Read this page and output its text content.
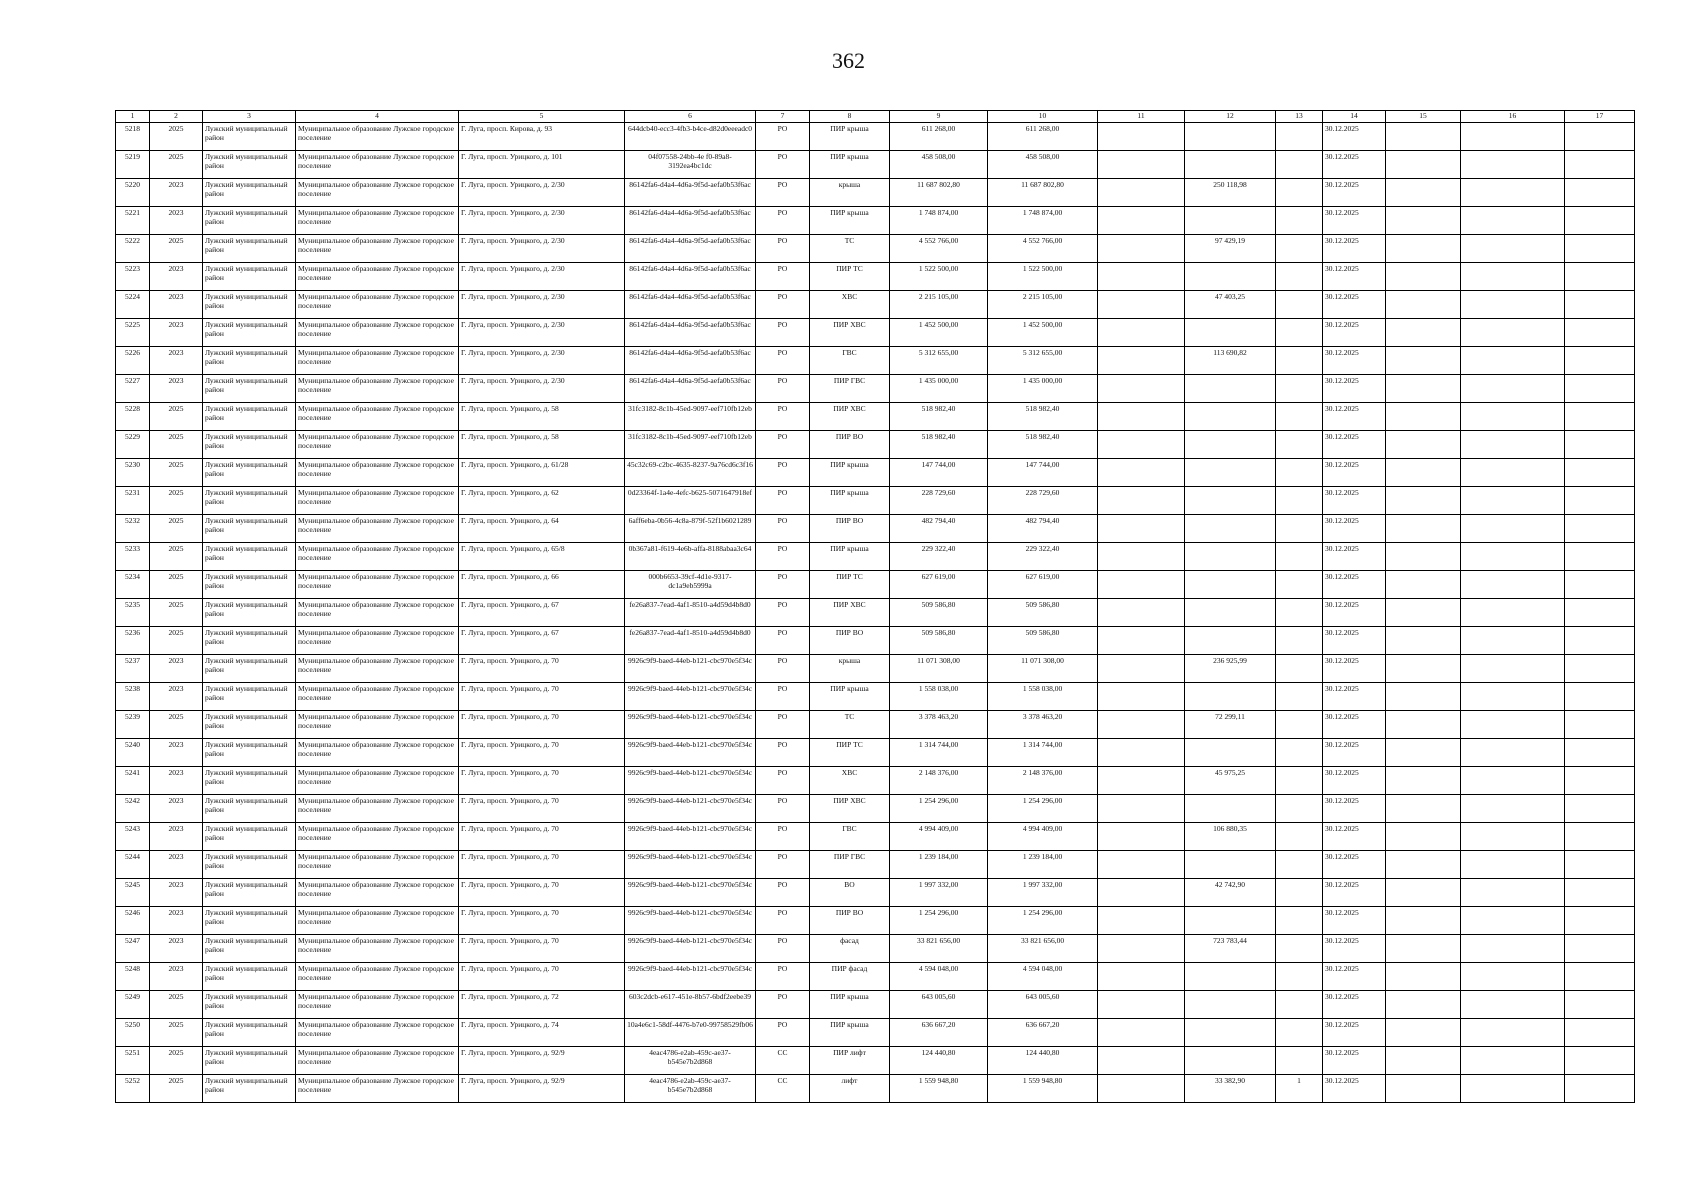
362
1	2	3	4	5	6	7	8	9	10	11	12	13	14	15	16	17
5218	2025	Лужский муниципальный район	Муниципальное образование Лужское городское поселение	Г. Луга, просп. Кирова, д. 93	644dcb40-ecc3-4fb3-b4ce-d82d0eeeadc0	РО	ПИР крыша	611 268,00	611 268,00				30.12.2025			
5219	2025	Лужский муниципальный район	Муниципальное образование Лужское городское поселение	Г. Луга, просп. Урицкого, д. 101	04f07558-24bb-4e f0-89a8-3192ea4bc1dc	РО	ПИР крыша	458 508,00	458 508,00				30.12.2025			
5220	2023	Лужский муниципальный район	Муниципальное образование Лужское городское поселение	Г. Луга, просп. Урицкого, д. 2/30	86142fa6-d4a4-4d6a-9f5d-aefa0b53f6ac	РО	крыша	11 687 802,80	11 687 802,80		250 118,98		30.12.2025			
5221	2023	Лужский муниципальный район	Муниципальное образование Лужское городское поселение	Г. Луга, просп. Урицкого, д. 2/30	86142fa6-d4a4-4d6a-9f5d-aefa0b53f6ac	РО	ПИР крыша	1 748 874,00	1 748 874,00				30.12.2025			
5222	2025	Лужский муниципальный район	Муниципальное образование Лужское городское поселение	Г. Луга, просп. Урицкого, д. 2/30	86142fa6-d4a4-4d6a-9f5d-aefa0b53f6ac	РО	ТС	4 552 766,00	4 552 766,00		97 429,19		30.12.2025			
5223	2023	Лужский муниципальный район	Муниципальное образование Лужское городское поселение	Г. Луга, просп. Урицкого, д. 2/30	86142fa6-d4a4-4d6a-9f5d-aefa0b53f6ac	РО	ПИР ТС	1 522 500,00	1 522 500,00				30.12.2025			
5224	2023	Лужский муниципальный район	Муниципальное образование Лужское городское поселение	Г. Луга, просп. Урицкого, д. 2/30	86142fa6-d4a4-4d6a-9f5d-aefa0b53f6ac	РО	ХВС	2 215 105,00	2 215 105,00		47 403,25		30.12.2025			
5225	2023	Лужский муниципальный район	Муниципальное образование Лужское городское поселение	Г. Луга, просп. Урицкого, д. 2/30	86142fa6-d4a4-4d6a-9f5d-aefa0b53f6ac	РО	ПИР ХВС	1 452 500,00	1 452 500,00				30.12.2025			
5226	2023	Лужский муниципальный район	Муниципальное образование Лужское городское поселение	Г. Луга, просп. Урицкого, д. 2/30	86142fa6-d4a4-4d6a-9f5d-aefa0b53f6ac	РО	ГВС	5 312 655,00	5 312 655,00		113 690,82		30.12.2025			
5227	2023	Лужский муниципальный район	Муниципальное образование Лужское городское поселение	Г. Луга, просп. Урицкого, д. 2/30	86142fa6-d4a4-4d6a-9f5d-aefa0b53f6ac	РО	ПИР ГВС	1 435 000,00	1 435 000,00				30.12.2025			
5228	2025	Лужский муниципальный район	Муниципальное образование Лужское городское поселение	Г. Луга, просп. Урицкого, д. 58	31fc3182-8c1b-45ed-9097-eef710fb12eb	РО	ПИР ХВС	518 982,40	518 982,40				30.12.2025			
5229	2025	Лужский муниципальный район	Муниципальное образование Лужское городское поселение	Г. Луга, просп. Урицкого, д. 58	31fc3182-8c1b-45ed-9097-eef710fb12eb	РО	ПИР ВО	518 982,40	518 982,40				30.12.2025			
5230	2025	Лужский муниципальный район	Муниципальное образование Лужское городское поселение	Г. Луга, просп. Урицкого, д. 61/28	45c32c69-c2bc-4635-8237-9a76cd6c3f16	РО	ПИР крыша	147 744,00	147 744,00				30.12.2025			
5231	2025	Лужский муниципальный район	Муниципальное образование Лужское городское поселение	Г. Луга, просп. Урицкого, д. 62	0d23364f-1a4e-4efc-b625-5071647918ef	РО	ПИР крыша	228 729,60	228 729,60				30.12.2025			
5232	2025	Лужский муниципальный район	Муниципальное образование Лужское городское поселение	Г. Луга, просп. Урицкого, д. 64	6aff6eba-0b56-4c8a-879f-52f1b6021289	РО	ПИР ВО	482 794,40	482 794,40				30.12.2025			
5233	2025	Лужский муниципальный район	Муниципальное образование Лужское городское поселение	Г. Луга, просп. Урицкого, д. 65/8	0b367a81-f619-4e6b-affa-8188abaa3c64	РО	ПИР крыша	229 322,40	229 322,40				30.12.2025			
5234	2025	Лужский муниципальный район	Муниципальное образование Лужское городское поселение	Г. Луга, просп. Урицкого, д. 66	000b6653-39cf-4d1e-9317-dc1a9eb5999a	РО	ПИР ТС	627 619,00	627 619,00				30.12.2025			
5235	2025	Лужский муниципальный район	Муниципальное образование Лужское городское поселение	Г. Луга, просп. Урицкого, д. 67	fe26a837-7ead-4af1-8510-a4d59d4b8d0	РО	ПИР ХВС	509 586,80	509 586,80				30.12.2025			
5236	2025	Лужский муниципальный район	Муниципальное образование Лужское городское поселение	Г. Луга, просп. Урицкого, д. 67	fe26a837-7ead-4af1-8510-a4d59d4b8d0	РО	ПИР ВО	509 586,80	509 586,80				30.12.2025			
5237	2023	Лужский муниципальный район	Муниципальное образование Лужское городское поселение	Г. Луга, просп. Урицкого, д. 70	9926c9f9-baed-44eb-b121-cbc970e5f34c	РО	крыша	11 071 308,00	11 071 308,00		236 925,99		30.12.2025			
5238	2023	Лужский муниципальный район	Муниципальное образование Лужское городское поселение	Г. Луга, просп. Урицкого, д. 70	9926c9f9-baed-44eb-b121-cbc970e5f34c	РО	ПИР крыша	1 558 038,00	1 558 038,00				30.12.2025			
5239	2025	Лужский муниципальный район	Муниципальное образование Лужское городское поселение	Г. Луга, просп. Урицкого, д. 70	9926c9f9-baed-44eb-b121-cbc970e5f34c	РО	ТС	3 378 463,20	3 378 463,20		72 299,11		30.12.2025			
5240	2023	Лужский муниципальный район	Муниципальное образование Лужское городское поселение	Г. Луга, просп. Урицкого, д. 70	9926c9f9-baed-44eb-b121-cbc970e5f34c	РО	ПИР ТС	1 314 744,00	1 314 744,00				30.12.2025			
5241	2023	Лужский муниципальный район	Муниципальное образование Лужское городское поселение	Г. Луга, просп. Урицкого, д. 70	9926c9f9-baed-44eb-b121-cbc970e5f34c	РО	ХВС	2 148 376,00	2 148 376,00		45 975,25		30.12.2025			
5242	2023	Лужский муниципальный район	Муниципальное образование Лужское городское поселение	Г. Луга, просп. Урицкого, д. 70	9926c9f9-baed-44eb-b121-cbc970e5f34c	РО	ПИР ХВС	1 254 296,00	1 254 296,00				30.12.2025			
5243	2023	Лужский муниципальный район	Муниципальное образование Лужское городское поселение	Г. Луга, просп. Урицкого, д. 70	9926c9f9-baed-44eb-b121-cbc970e5f34c	РО	ГВС	4 994 409,00	4 994 409,00		106 880,35		30.12.2025			
5244	2023	Лужский муниципальный район	Муниципальное образование Лужское городское поселение	Г. Луга, просп. Урицкого, д. 70	9926c9f9-baed-44eb-b121-cbc970e5f34c	РО	ПИР ГВС	1 239 184,00	1 239 184,00				30.12.2025			
5245	2023	Лужский муниципальный район	Муниципальное образование Лужское городское поселение	Г. Луга, просп. Урицкого, д. 70	9926c9f9-baed-44eb-b121-cbc970e5f34c	РО	ВО	1 997 332,00	1 997 332,00		42 742,90		30.12.2025			
5246	2023	Лужский муниципальный район	Муниципальное образование Лужское городское поселение	Г. Луга, просп. Урицкого, д. 70	9926c9f9-baed-44eb-b121-cbc970e5f34c	РО	ПИР ВО	1 254 296,00	1 254 296,00				30.12.2025			
5247	2023	Лужский муниципальный район	Муниципальное образование Лужское городское поселение	Г. Луга, просп. Урицкого, д. 70	9926c9f9-baed-44eb-b121-cbc970e5f34c	РО	фасад	33 821 656,00	33 821 656,00		723 783,44		30.12.2025			
5248	2023	Лужский муниципальный район	Муниципальное образование Лужское городское поселение	Г. Луга, просп. Урицкого, д. 70	9926c9f9-baed-44eb-b121-cbc970e5f34c	РО	ПИР фасад	4 594 048,00	4 594 048,00				30.12.2025			
5249	2025	Лужский муниципальный район	Муниципальное образование Лужское городское поселение	Г. Луга, просп. Урицкого, д. 72	603c2dcb-e617-451e-8b57-6bdf2eebe39	РО	ПИР крыша	643 005,60	643 005,60				30.12.2025			
5250	2025	Лужский муниципальный район	Муниципальное образование Лужское городское поселение	Г. Луга, просп. Урицкого, д. 74	10a4e6c1-58df-4476-b7e0-99758529fb06	РО	ПИР крыша	636 667,20	636 667,20				30.12.2025			
5251	2025	Лужский муниципальный район	Муниципальное образование Лужское городское поселение	Г. Луга, просп. Урицкого, д. 92/9	4eac4786-e2ab-459c-ae37-b545e7b2d868	СС	ПИР лифт	124 440,80	124 440,80				30.12.2025			
5252	2025	Лужский муниципальный район	Муниципальное образование Лужское городское поселение	Г. Луга, просп. Урицкого, д. 92/9	4eac4786-e2ab-459c-ae37-b545e7b2d868	СС	лифт	1 559 948,80	1 559 948,80		33 382,90	1	30.12.2025			
